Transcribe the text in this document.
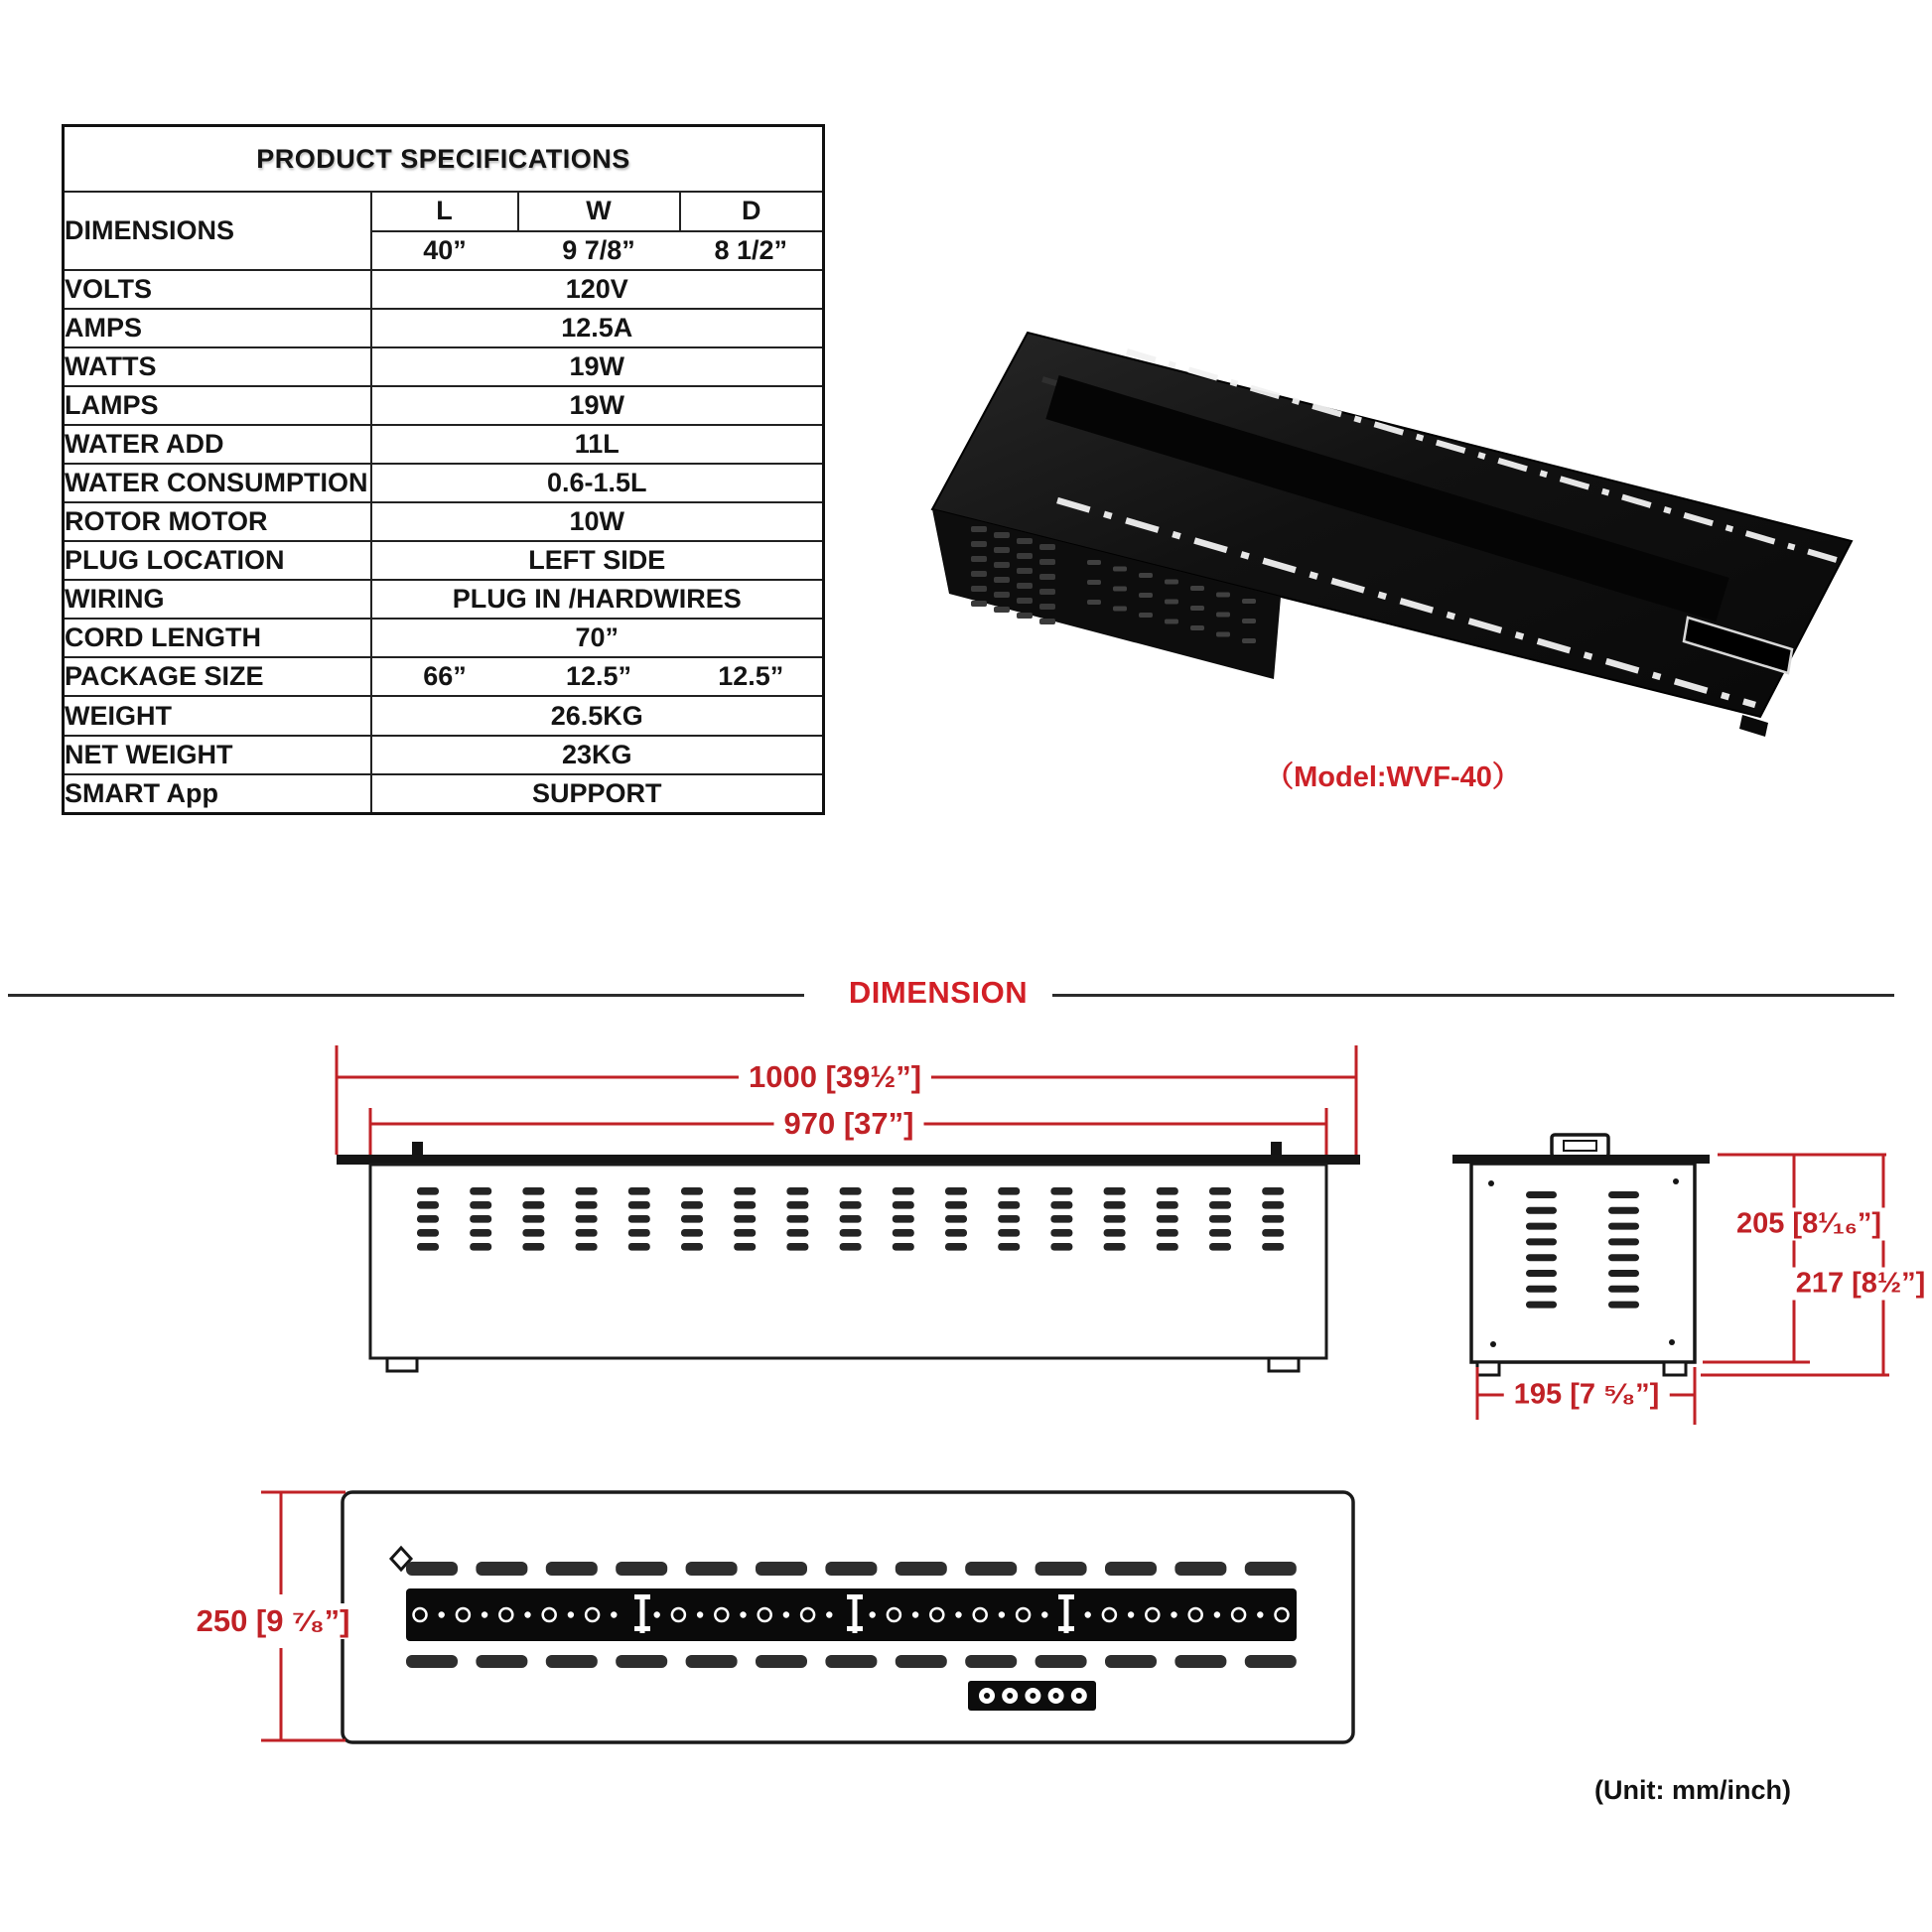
PRODUCT SPECIFICATIONS			
DIMENSIONS	L	W	D
	40”	9 7/8”	8 1/2”
VOLTS	120V		
AMPS	12.5A		
WATTS	19W		
LAMPS	19W		
WATER ADD	11L		
WATER CONSUMPTION	0.6-1.5L		
ROTOR MOTOR	10W		
PLUG LOCATION	LEFT SIDE		
WIRING	PLUG IN /HARDWIRES		
CORD LENGTH	70”		
PACKAGE SIZE	66”	12.5”	12.5”
WEIGHT	26.5KG		
NET WEIGHT	23KG		
SMART App	SUPPORT			（Model:WVF-40）
DIMENSION
1000 [39½”]
970 [37”]
205 [8¹⁄₁₆”]
217 [8½”]
195 [7 ⁵⁄₈”]
250 [9 ⁷⁄₈”]
(Unit: mm/inch)
